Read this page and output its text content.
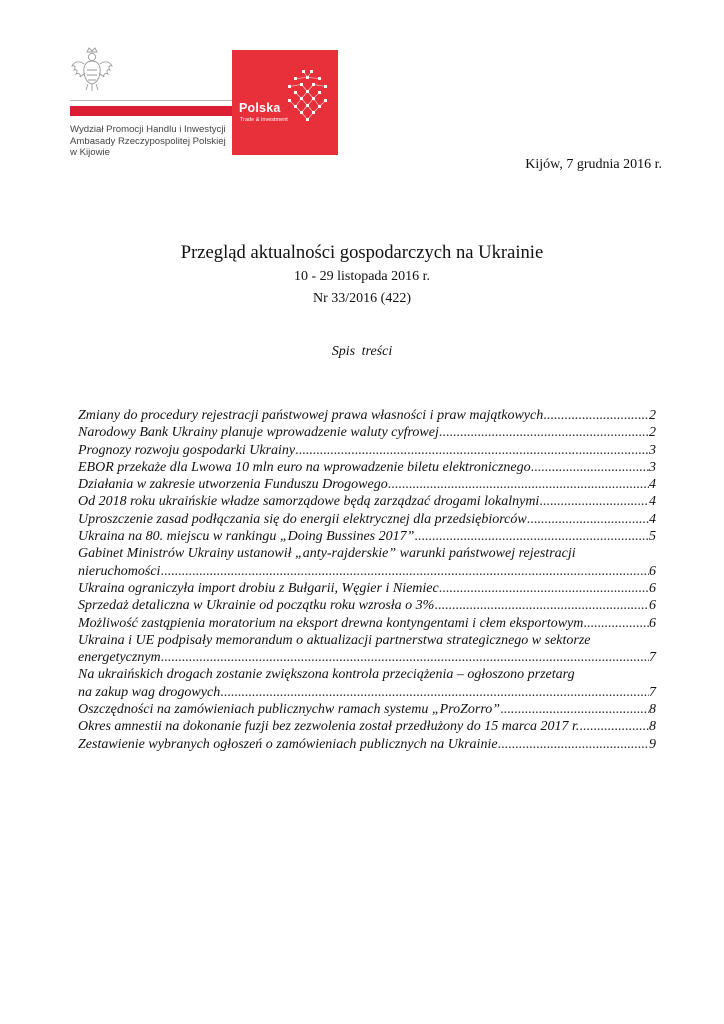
Wydział Promocji Handlu i Inwestycji
Ambasady Rzeczypospolitej Polskiej
w Kijowie
Polska
Trade & Investment
Kijów, 7 grudnia 2016 r.
Przegląd aktualności gospodarczych na Ukrainie
10 - 29 listopada 2016 r.
Nr 33/2016 (422)
Spis treści
Zmiany do procedury rejestracji państwowej prawa własności i praw majątkowych .....	2
Narodowy Bank Ukrainy planuje wprowadzenie waluty cyfrowej .....	2
Prognozy rozwoju gospodarki Ukrainy .....	3
EBOR przekaże dla Lwowa 10 mln euro na wprowadzenie biletu elektronicznego .....	3
Działania w zakresie utworzenia Funduszu Drogowego .....	4
Od 2018 roku ukraińskie władze samorządowe będą zarządzać drogami lokalnymi .....	4
Uproszczenie zasad podłączania się do energii elektrycznej dla przedsiębiorców .....	4
Ukraina na 80. miejscu w rankingu „Doing Bussines 2017” .....	5
Gabinet Ministrów Ukrainy ustanowił „anty-rajderskie” warunki państwowej rejestracji
nieruchomości .....	6
Ukraina ograniczyła import drobiu z Bułgarii, Węgier i Niemiec .....	6
Sprzedaż detaliczna w Ukrainie od początku roku wzrosła o 3% .....	6
Możliwość zastąpienia moratorium na eksport drewna kontyngentami i cłem eksportowym .....	6
Ukraina i UE podpisały memorandum o aktualizacji partnerstwa strategicznego w sektorze
energetycznym .....	7
Na ukraińskich drogach zostanie zwiększona kontrola przeciążenia – ogłoszono przetarg
na zakup wag drogowych .....	7
Oszczędności na zamówieniach publicznychw ramach systemu „ProZorro” .....	8
Okres amnestii na dokonanie fuzji bez zezwolenia został przedłużony do 15 marca 2017 r. .....	8
Zestawienie wybranych ogłoszeń o zamówieniach publicznych na Ukrainie .....	9
